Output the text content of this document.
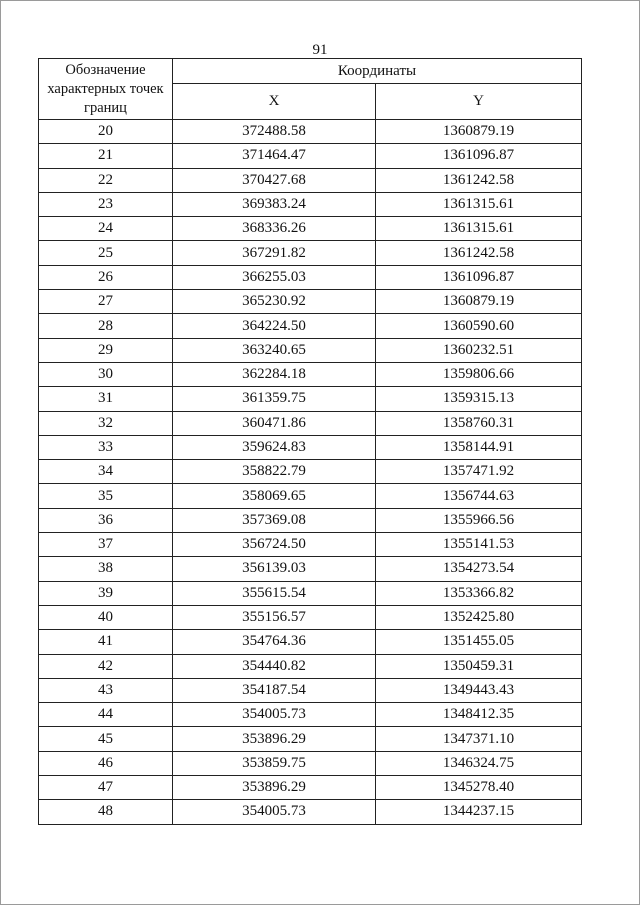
91
Обозначение характерных точек границ	Координаты	
	X	Y
20	372488.58	1360879.19
21	371464.47	1361096.87
22	370427.68	1361242.58
23	369383.24	1361315.61
24	368336.26	1361315.61
25	367291.82	1361242.58
26	366255.03	1361096.87
27	365230.92	1360879.19
28	364224.50	1360590.60
29	363240.65	1360232.51
30	362284.18	1359806.66
31	361359.75	1359315.13
32	360471.86	1358760.31
33	359624.83	1358144.91
34	358822.79	1357471.92
35	358069.65	1356744.63
36	357369.08	1355966.56
37	356724.50	1355141.53
38	356139.03	1354273.54
39	355615.54	1353366.82
40	355156.57	1352425.80
41	354764.36	1351455.05
42	354440.82	1350459.31
43	354187.54	1349443.43
44	354005.73	1348412.35
45	353896.29	1347371.10
46	353859.75	1346324.75
47	353896.29	1345278.40
48	354005.73	1344237.15
